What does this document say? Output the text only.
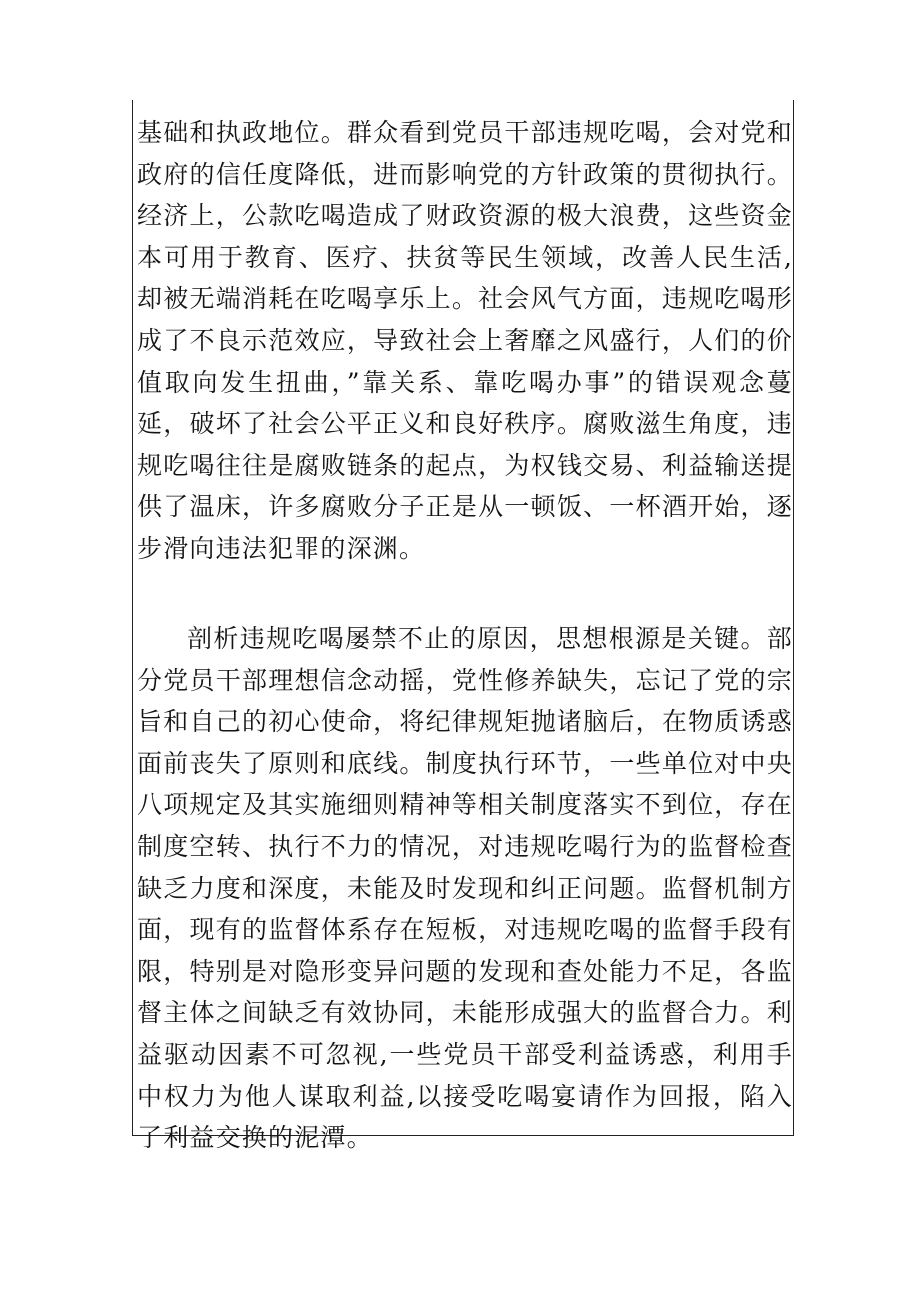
基础和执政地位。群众看到党员干部违规吃喝，会对党和政府的信任度降低，进而影响党的方针政策的贯彻执行。经济上，公款吃喝造成了财政资源的极大浪费，这些资金本可用于教育、医疗、扶贫等民生领域，改善人民生活,却被无端消耗在吃喝享乐上。社会风气方面，违规吃喝形成了不良示范效应，导致社会上奢靡之风盛行，人们的价值取向发生扭曲，”靠关系、靠吃喝办事”的错误观念蔓延，破坏了社会公平正义和良好秩序。腐败滋生角度，违规吃喝往往是腐败链条的起点，为权钱交易、利益输送提供了温床，许多腐败分子正是从一顿饭、一杯酒开始，逐步滑向违法犯罪的深渊。

剖析违规吃喝屡禁不止的原因，思想根源是关键。部分党员干部理想信念动摇，党性修养缺失，忘记了党的宗旨和自己的初心使命，将纪律规矩抛诸脑后，在物质诱惑面前丧失了原则和底线。制度执行环节，一些单位对中央八项规定及其实施细则精神等相关制度落实不到位，存在制度空转、执行不力的情况，对违规吃喝行为的监督检查缺乏力度和深度，未能及时发现和纠正问题。监督机制方面，现有的监督体系存在短板，对违规吃喝的监督手段有限，特别是对隐形变异问题的发现和查处能力不足，各监督主体之间缺乏有效协同，未能形成强大的监督合力。利益驱动因素不可忽视,一些党员干部受利益诱惑，利用手中权力为他人谋取利益,以接受吃喝宴请作为回报，陷入了利益交换的泥潭。
